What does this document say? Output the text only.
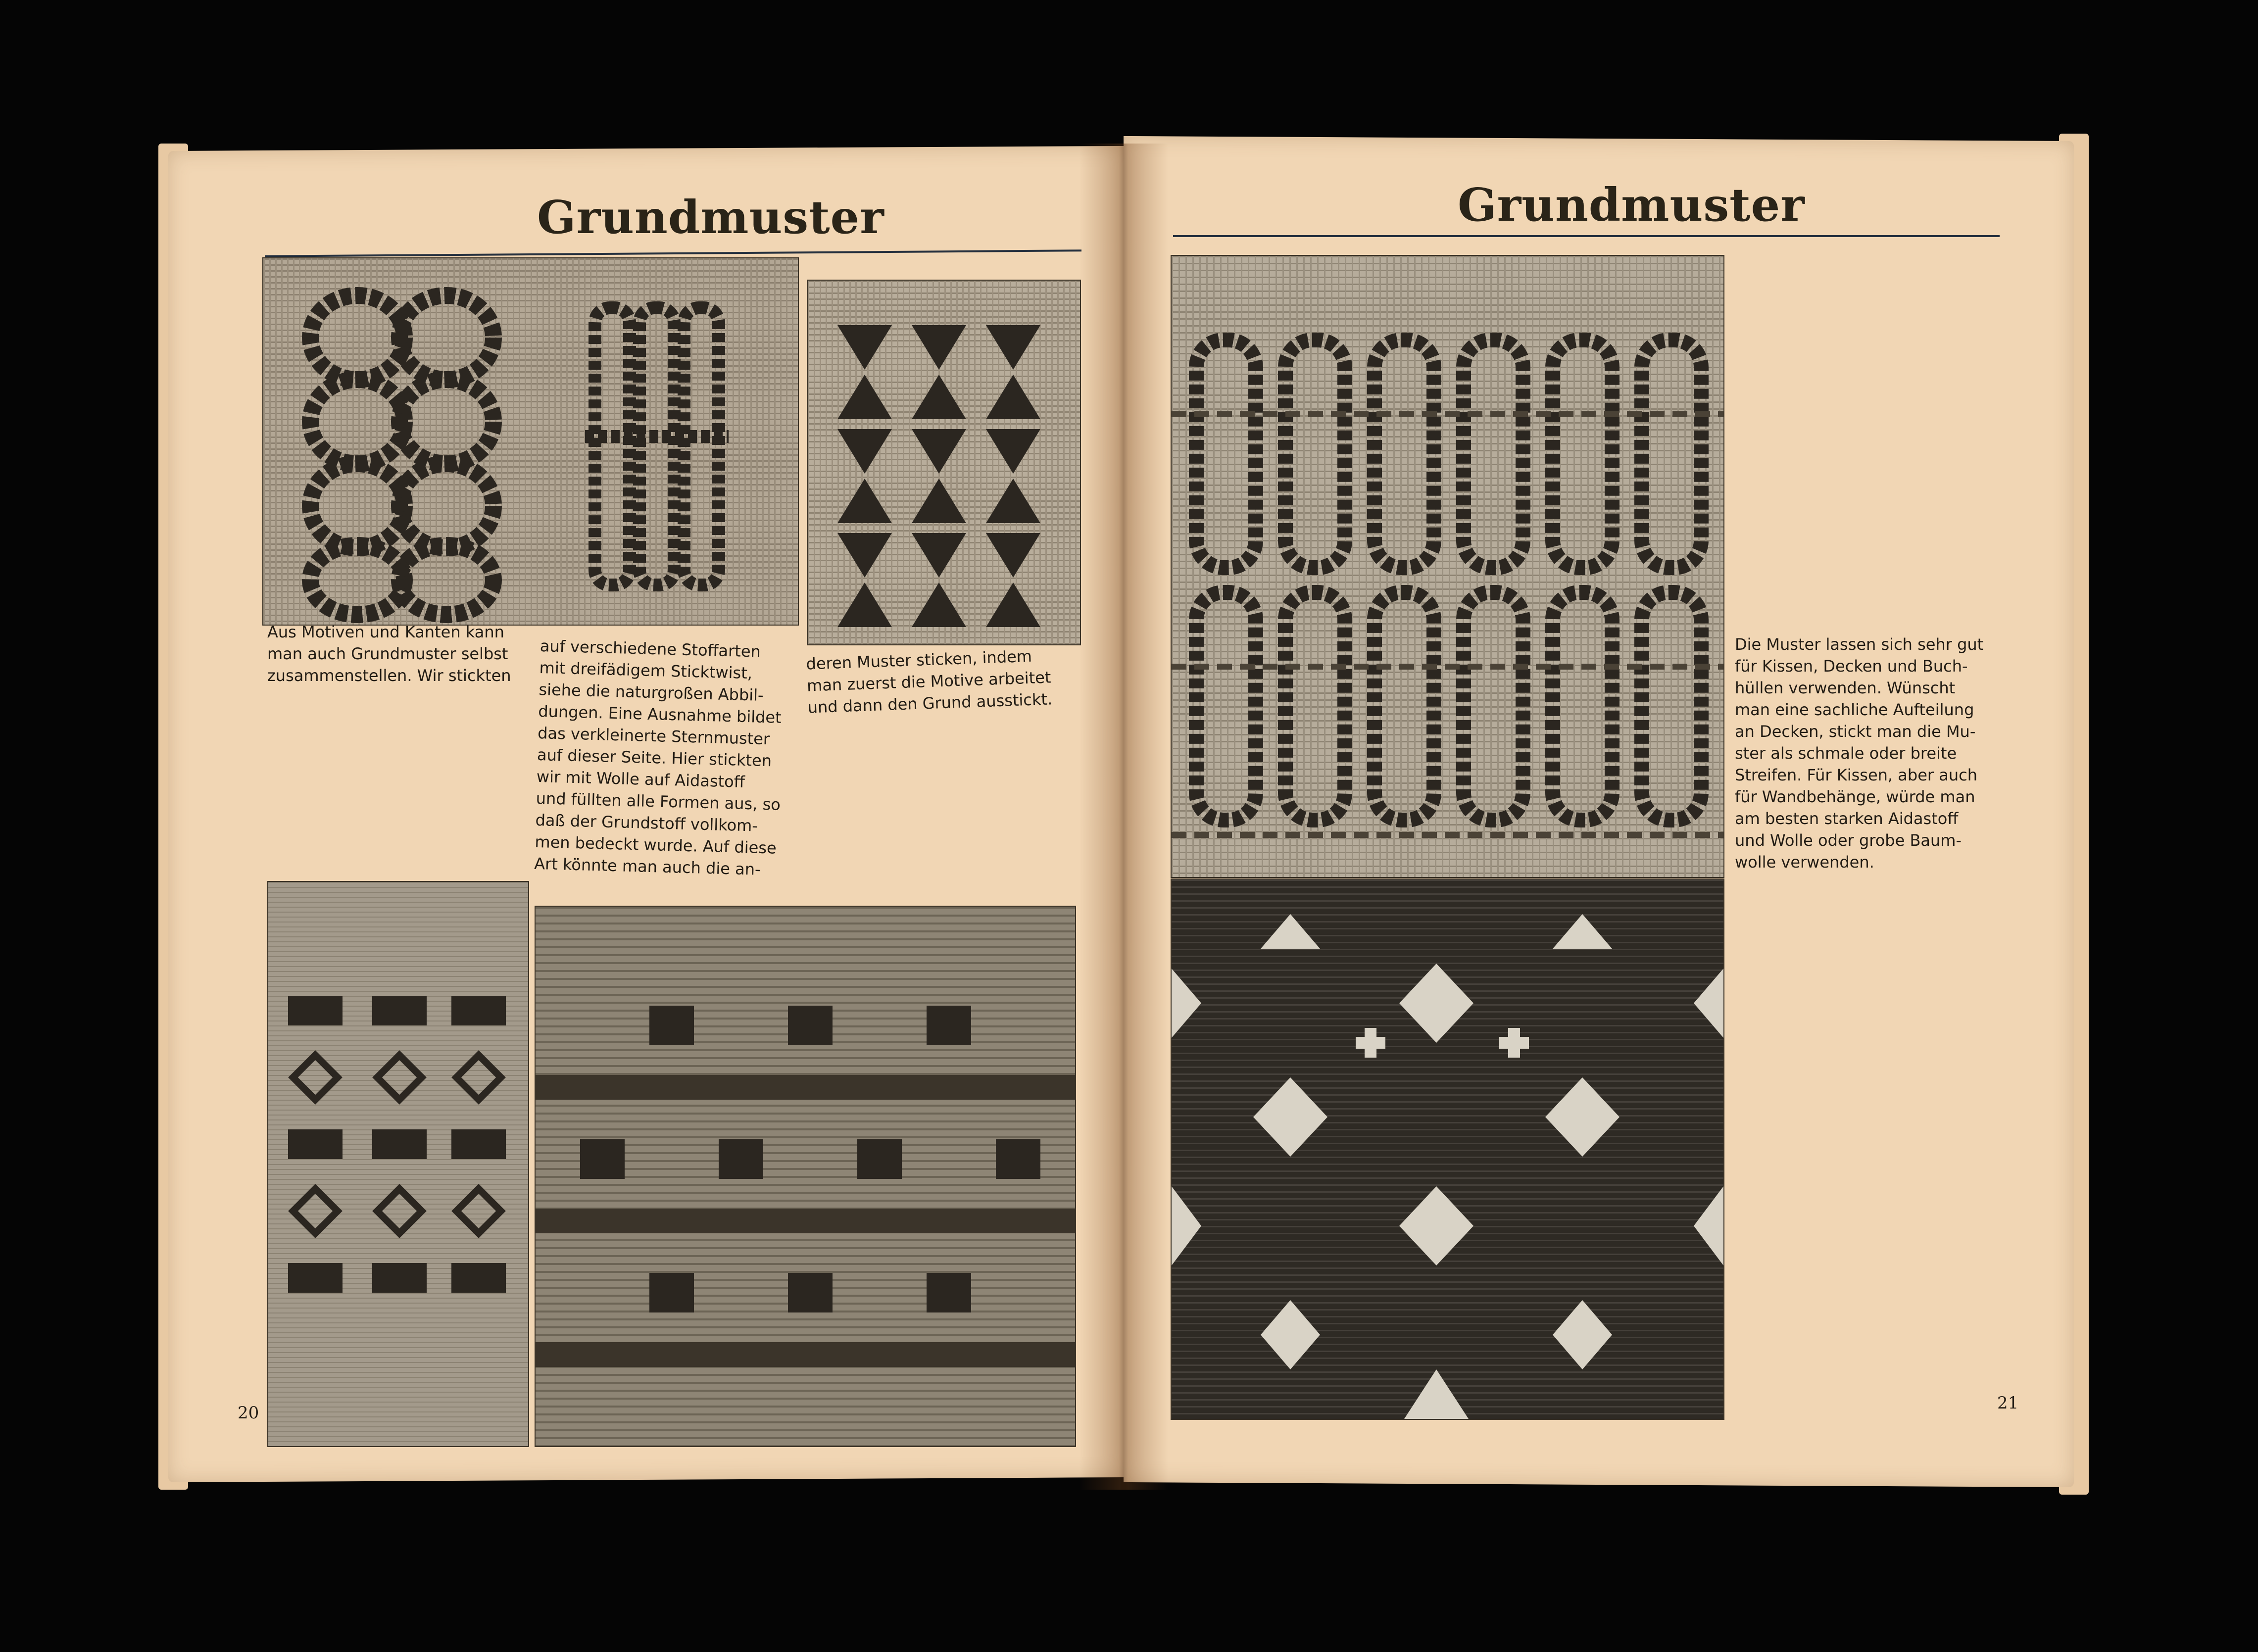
Grundmuster	Grundmuster
Aus Motiven und Kanten kann
man auch Grundmuster selbst
zusammenstellen. Wir stickten
auf verschiedene Stoffarten
mit dreifädigem Sticktwist,
siehe die naturgroßen Abbil-
dungen. Eine Ausnahme bildet
das verkleinerte Sternmuster
auf dieser Seite. Hier stickten
wir mit Wolle auf Aidastoff
und füllten alle Formen aus, so
daß der Grundstoff vollkom-
men bedeckt wurde. Auf diese
Art könnte man auch die an-
deren Muster sticken, indem
man zuerst die Motive arbeitet
und dann den Grund ausstickt.
20
Die Muster lassen sich sehr gut
für Kissen, Decken und Buch-
hüllen verwenden. Wünscht
man eine sachliche Aufteilung
an Decken, stickt man die Mu-
ster als schmale oder breite
Streifen. Für Kissen, aber auch
für Wandbehänge, würde man
am besten starken Aidastoff
und Wolle oder grobe Baum-
wolle verwenden.
21
